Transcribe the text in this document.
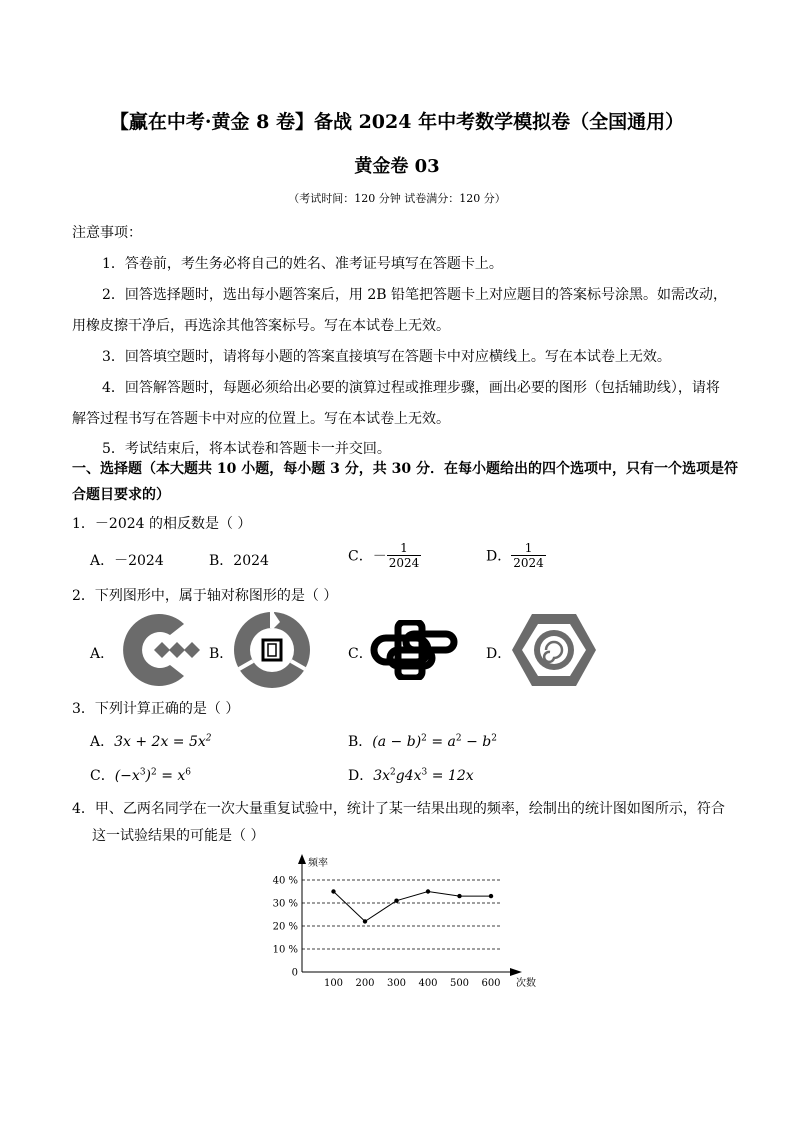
【赢在中考·黄金 8 卷】备战 2024 年中考数学模拟卷（全国通用）
黄金卷 03
（考试时间：120 分钟 试卷满分：120 分）
注意事项：
1．答卷前，考生务必将自己的姓名、准考证号填写在答题卡上。
2．回答选择题时，选出每小题答案后，用 2B 铅笔把答题卡上对应题目的答案标号涂黑。如需改动，
用橡皮擦干净后，再选涂其他答案标号。写在本试卷上无效。
3．回答填空题时，请将每小题的答案直接填写在答题卡中对应横线上。写在本试卷上无效。
4．回答解答题时，每题必须给出必要的演算过程或推理步骤，画出必要的图形（包括辅助线），请将
解答过程书写在答题卡中对应的位置上。写在本试卷上无效。
5．考试结束后，将本试卷和答题卡一并交回。
一、选择题（本大题共 10 小题，每小题 3 分，共 30 分．在每小题给出的四个选项中，只有一个选项是符
合题目要求的）
1．－2024 的相反数是（ ）
A．－2024	B．2024	C．－ $\frac{1}{2024}$	D． $\frac{1}{2024}$
2．下列图形中，属于轴对称图形的是（ ）
A．	B．	C．	D．
3．下列计算正确的是（ ）
A．$3x + 2x = 5x^2$	B．$(a - b)^2 = a^2 - b^2$
C．$(-x^3)^2 = x^6$	D．$3x^2g4x^3 = 12x$
4．甲、乙两名同学在一次大量重复试验中，统计了某一结果出现的频率，绘制出的统计图如图所示，符合
这一试验结果的可能是（ ）
频率
次数
0
10 %
20 %
30 %
40 %
100 200 300 400 500 600
